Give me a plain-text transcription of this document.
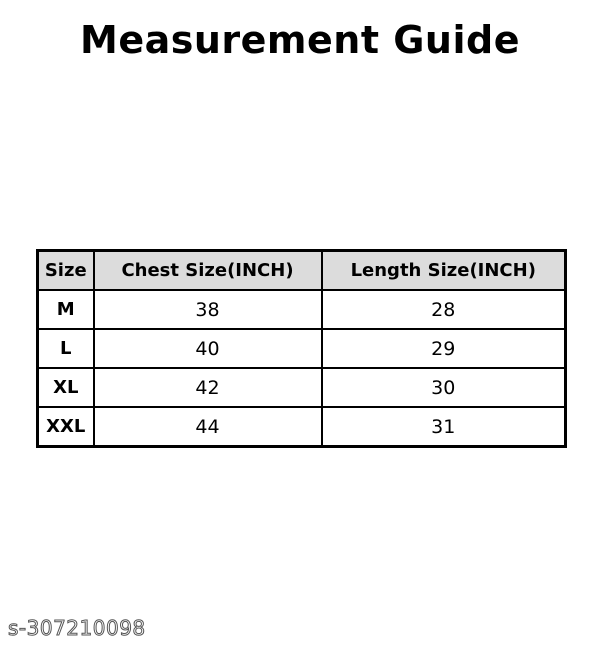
Measurement Guide
Size	Chest Size(INCH)	Length Size(INCH)
M	38	28
L	40	29
XL	42	30
XXL	44	31
s-307210098
